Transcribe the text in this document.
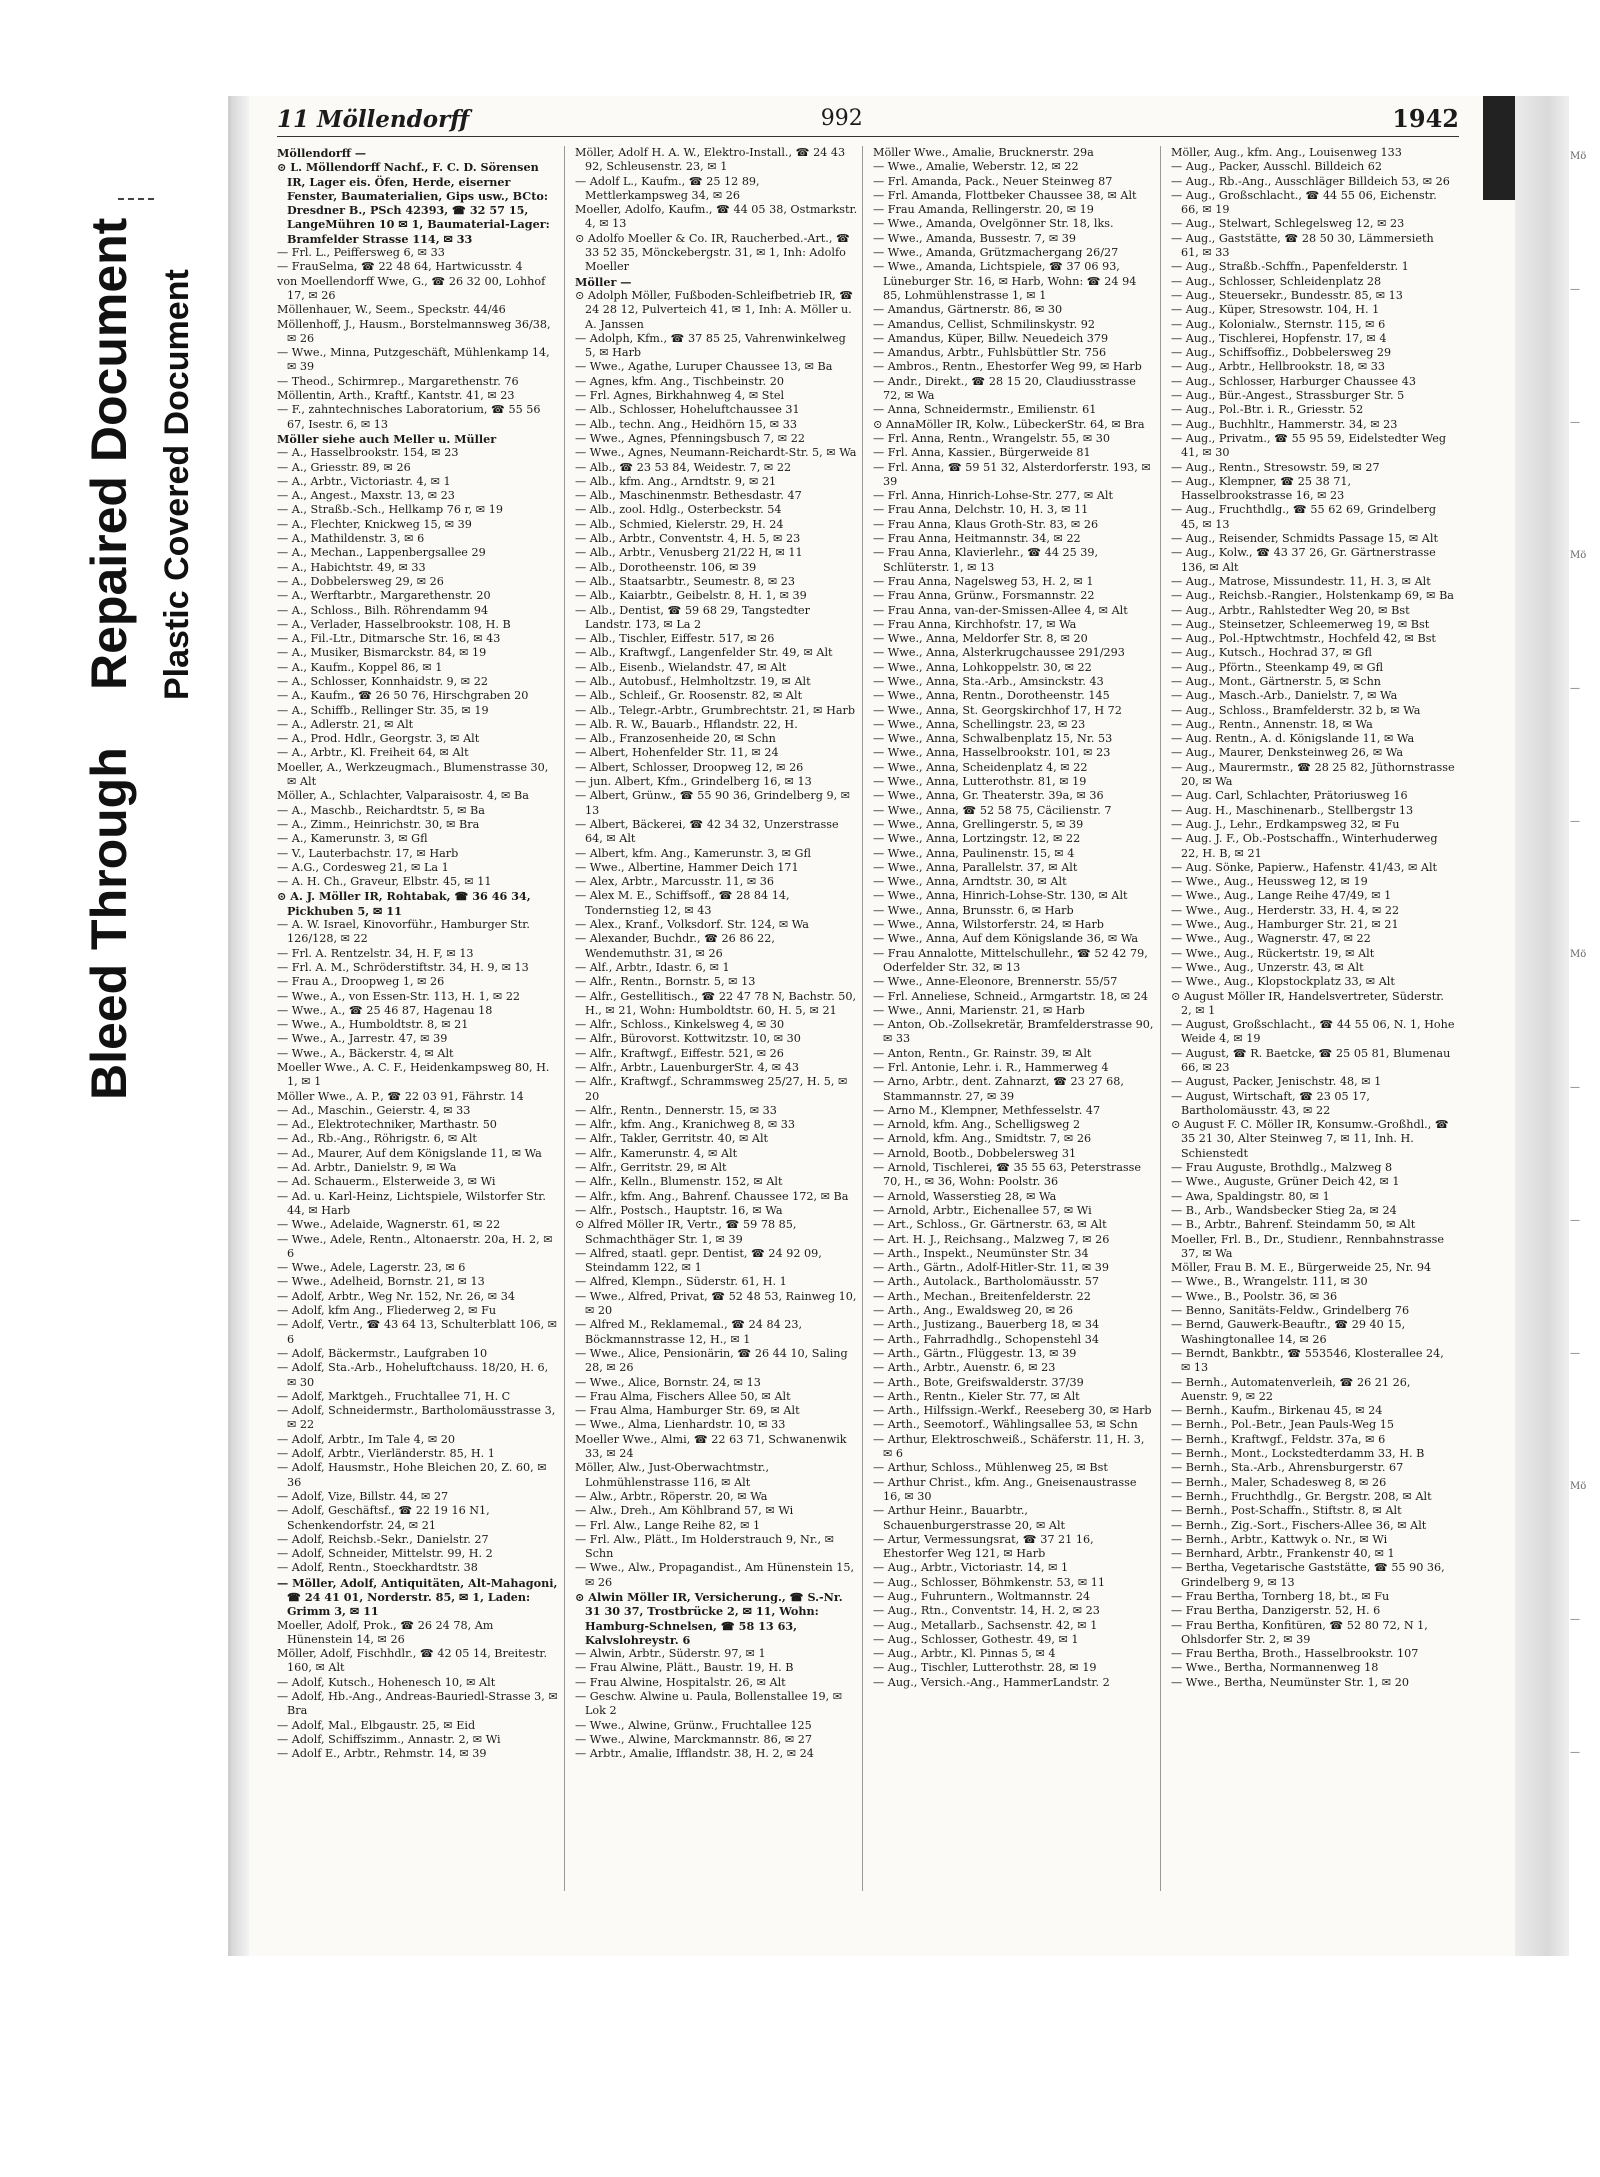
Bleed Through
Repaired Document Plastic Covered Document
11 Möllendorff	992	1942

Möllendorff —

⊙ L. Möllendorff Nachf., F. C. D. Sörensen IR, Lager eis. Öfen, Herde, eiserner Fenster, Baumaterialien, Gips usw., BCto: Dresdner B., PSch 42393, ☎ 32 57 15, LangeMühren 10 ✉ 1, Baumaterial-Lager: Bramfelder Strasse 114, ✉ 33

— Frl. L., Peiffersweg 6, ✉ 33

— FrauSelma, ☎ 22 48 64, Hartwicusstr. 4

von Moellendorff Wwe, G., ☎ 26 32 00, Lohhof 17, ✉ 26

Möllenhauer, W., Seem., Speckstr. 44/46

Möllenhoff, J., Hausm., Borstelmannsweg 36/38, ✉ 26

— Wwe., Minna, Putzgeschäft, Mühlenkamp 14, ✉ 39

— Theod., Schirmrep., Margarethenstr. 76

Möllentin, Arth., Kraftf., Kantstr. 41, ✉ 23

— F., zahntechnisches Laboratorium, ☎ 55 56 67, Isestr. 6, ✉ 13

Möller siehe auch Meller u. Müller

— A., Hasselbrookstr. 154, ✉ 23

— A., Griesstr. 89, ✉ 26

— A., Arbtr., Victoriastr. 4, ✉ 1

— A., Angest., Maxstr. 13, ✉ 23

— A., Straßb.-Sch., Hellkamp 76 r, ✉ 19

— A., Flechter, Knickweg 15, ✉ 39

— A., Mathildenstr. 3, ✉ 6

— A., Mechan., Lappenbergsallee 29

— A., Habichtstr. 49, ✉ 33

— A., Dobbelersweg 29, ✉ 26

— A., Werftarbtr., Margarethenstr. 20

— A., Schloss., Bilh. Röhrendamm 94

— A., Verlader, Hasselbrookstr. 108, H. B

— A., Fil.-Ltr., Ditmarsche Str. 16, ✉ 43

— A., Musiker, Bismarckstr. 84, ✉ 19

— A., Kaufm., Koppel 86, ✉ 1

— A., Schlosser, Konnhaidstr. 9, ✉ 22

— A., Kaufm., ☎ 26 50 76, Hirschgraben 20

— A., Schiffb., Rellinger Str. 35, ✉ 19

— A., Adlerstr. 21, ✉ Alt

— A., Prod. Hdlr., Georgstr. 3, ✉ Alt

— A., Arbtr., Kl. Freiheit 64, ✉ Alt

Moeller, A., Werkzeugmach., Blumenstrasse 30, ✉ Alt

Möller, A., Schlachter, Valparaisostr. 4, ✉ Ba

— A., Maschb., Reichardtstr. 5, ✉ Ba

— A., Zimm., Heinrichstr. 30, ✉ Bra

— A., Kamerunstr. 3, ✉ Gfl

— V., Lauterbachstr. 17, ✉ Harb

— A.G., Cordesweg 21, ✉ La 1

— A. H. Ch., Graveur, Elbstr. 45, ✉ 11

⊙ A. J. Möller IR, Rohtabak, ☎ 36 46 34, Pickhuben 5, ✉ 11

— A. W. Israel, Kinovorführ., Hamburger Str. 126/128, ✉ 22

— Frl. A. Rentzelstr. 34, H. F, ✉ 13

— Frl. A. M., Schröderstiftstr. 34, H. 9, ✉ 13

— Frau A., Droopweg 1, ✉ 26

— Wwe., A., von Essen-Str. 113, H. 1, ✉ 22

— Wwe., A., ☎ 25 46 87, Hagenau 18

— Wwe., A., Humboldtstr. 8, ✉ 21

— Wwe., A., Jarrestr. 47, ✉ 39

— Wwe., A., Bäckerstr. 4, ✉ Alt

Moeller Wwe., A. C. F., Heidenkampsweg 80, H. 1, ✉ 1

Möller Wwe., A. P., ☎ 22 03 91, Fährstr. 14

— Ad., Maschin., Geierstr. 4, ✉ 33

— Ad., Elektrotechniker, Marthastr. 50

— Ad., Rb.-Ang., Röhrigstr. 6, ✉ Alt

— Ad., Maurer, Auf dem Königslande 11, ✉ Wa

— Ad. Arbtr., Danielstr. 9, ✉ Wa

— Ad. Schauerm., Elsterweide 3, ✉ Wi

— Ad. u. Karl-Heinz, Lichtspiele, Wilstorfer Str. 44, ✉ Harb

— Wwe., Adelaide, Wagnerstr. 61, ✉ 22

— Wwe., Adele, Rentn., Altonaerstr. 20a, H. 2, ✉ 6

— Wwe., Adele, Lagerstr. 23, ✉ 6

— Wwe., Adelheid, Bornstr. 21, ✉ 13

— Adolf, Arbtr., Weg Nr. 152, Nr. 26, ✉ 34

— Adolf, kfm Ang., Fliederweg 2, ✉ Fu

— Adolf, Vertr., ☎ 43 64 13, Schulterblatt 106, ✉ 6

— Adolf, Bäckermstr., Laufgraben 10

— Adolf, Sta.-Arb., Hoheluftchauss. 18/20, H. 6, ✉ 30

— Adolf, Marktgeh., Fruchtallee 71, H. C

— Adolf, Schneidermstr., Bartholomäusstrasse 3, ✉ 22

— Adolf, Arbtr., Im Tale 4, ✉ 20

— Adolf, Arbtr., Vierländerstr. 85, H. 1

— Adolf, Hausmstr., Hohe Bleichen 20, Z. 60, ✉ 36

— Adolf, Vize, Billstr. 44, ✉ 27

— Adolf, Geschäftsf., ☎ 22 19 16 N1, Schenkendorfstr. 24, ✉ 21

— Adolf, Reichsb.-Sekr., Danielstr. 27

— Adolf, Schneider, Mittelstr. 99, H. 2

— Adolf, Rentn., Stoeckhardtstr. 38

— Möller, Adolf, Antiquitäten, Alt-Mahagoni, ☎ 24 41 01, Norderstr. 85, ✉ 1, Laden: Grimm 3, ✉ 11

Moeller, Adolf, Prok., ☎ 26 24 78, Am Hünenstein 14, ✉ 26

Möller, Adolf, Fischhdlr., ☎ 42 05 14, Breitestr. 160, ✉ Alt

— Adolf, Kutsch., Hohenesch 10, ✉ Alt

— Adolf, Hb.-Ang., Andreas-Bauriedl-Strasse 3, ✉ Bra

— Adolf, Mal., Elbgaustr. 25, ✉ Eid

— Adolf, Schiffszimm., Annastr. 2, ✉ Wi

— Adolf E., Arbtr., Rehmstr. 14, ✉ 39

Möller, Adolf H. A. W., Elektro-Install., ☎ 24 43 92, Schleusenstr. 23, ✉ 1

— Adolf L., Kaufm., ☎ 25 12 89, Mettlerkampsweg 34, ✉ 26

Moeller, Adolfo, Kaufm., ☎ 44 05 38, Ostmarkstr. 4, ✉ 13

⊙ Adolfo Moeller & Co. IR, Raucherbed.-Art., ☎ 33 52 35, Mönckebergstr. 31, ✉ 1, Inh: Adolfo Moeller

Möller —

⊙ Adolph Möller, Fußboden-Schleifbetrieb IR, ☎ 24 28 12, Pulverteich 41, ✉ 1, Inh: A. Möller u. A. Janssen

— Adolph, Kfm., ☎ 37 85 25, Vahrenwinkelweg 5, ✉ Harb

— Wwe., Agathe, Luruper Chaussee 13, ✉ Ba

— Agnes, kfm. Ang., Tischbeinstr. 20

— Frl. Agnes, Birkhahnweg 4, ✉ Stel

— Alb., Schlosser, Hoheluftchaussee 31

— Alb., techn. Ang., Heidhörn 15, ✉ 33

— Wwe., Agnes, Pfenningsbusch 7, ✉ 22

— Wwe., Agnes, Neumann-Reichardt-Str. 5, ✉ Wa

— Alb., ☎ 23 53 84, Weidestr. 7, ✉ 22

— Alb., kfm. Ang., Arndtstr. 9, ✉ 21

— Alb., Maschinenmstr. Bethesdastr. 47

— Alb., zool. Hdlg., Osterbeckstr. 54

— Alb., Schmied, Kielerstr. 29, H. 24

— Alb., Arbtr., Conventstr. 4, H. 5, ✉ 23

— Alb., Arbtr., Venusberg 21/22 H, ✉ 11

— Alb., Dorotheenstr. 106, ✉ 39

— Alb., Staatsarbtr., Seumestr. 8, ✉ 23

— Alb., Kaiarbtr., Geibelstr. 8, H. 1, ✉ 39

— Alb., Dentist, ☎ 59 68 29, Tangstedter Landstr. 173, ✉ La 2

— Alb., Tischler, Eiffestr. 517, ✉ 26

— Alb., Kraftwgf., Langenfelder Str. 49, ✉ Alt

— Alb., Eisenb., Wielandstr. 47, ✉ Alt

— Alb., Autobusf., Helmholtzstr. 19, ✉ Alt

— Alb., Schleif., Gr. Roosenstr. 82, ✉ Alt

— Alb., Telegr.-Arbtr., Grumbrechtstr. 21, ✉ Harb

— Alb. R. W., Bauarb., Hflandstr. 22, H.

— Alb., Franzosenheide 20, ✉ Schn

— Albert, Hohenfelder Str. 11, ✉ 24

— Albert, Schlosser, Droopweg 12, ✉ 26

— jun. Albert, Kfm., Grindelberg 16, ✉ 13

— Albert, Grünw., ☎ 55 90 36, Grindelberg 9, ✉ 13

— Albert, Bäckerei, ☎ 42 34 32, Unzerstrasse 64, ✉ Alt

— Albert, kfm. Ang., Kamerunstr. 3, ✉ Gfl

— Wwe., Albertine, Hammer Deich 171

— Alex, Arbtr., Marcusstr. 11, ✉ 36

— Alex M. E., Schiffsoff., ☎ 28 84 14, Tondernstieg 12, ✉ 43

— Alex., Kranf., Volksdorf. Str. 124, ✉ Wa

— Alexander, Buchdr., ☎ 26 86 22, Wendemuthstr. 31, ✉ 26

— Alf., Arbtr., Idastr. 6, ✉ 1

— Alfr., Rentn., Bornstr. 5, ✉ 13

— Alfr., Gestellitisch., ☎ 22 47 78 N, Bachstr. 50, H., ✉ 21, Wohn: Humboldtstr. 60, H. 5, ✉ 21

— Alfr., Schloss., Kinkelsweg 4, ✉ 30

— Alfr., Bürovorst. Kottwitzstr. 10, ✉ 30

— Alfr., Kraftwgf., Eiffestr. 521, ✉ 26

— Alfr., Arbtr., LauenburgerStr. 4, ✉ 43

— Alfr., Kraftwgf., Schrammsweg 25/27, H. 5, ✉ 20

— Alfr., Rentn., Dennerstr. 15, ✉ 33

— Alfr., kfm. Ang., Kranichweg 8, ✉ 33

— Alfr., Takler, Gerritstr. 40, ✉ Alt

— Alfr., Kamerunstr. 4, ✉ Alt

— Alfr., Gerritstr. 29, ✉ Alt

— Alfr., Kelln., Blumenstr. 152, ✉ Alt

— Alfr., kfm. Ang., Bahrenf. Chaussee 172, ✉ Ba

— Alfr., Postsch., Hauptstr. 16, ✉ Wa

⊙ Alfred Möller IR, Vertr., ☎ 59 78 85, Schmachthäger Str. 1, ✉ 39

— Alfred, staatl. gepr. Dentist, ☎ 24 92 09, Steindamm 122, ✉ 1

— Alfred, Klempn., Süderstr. 61, H. 1

— Wwe., Alfred, Privat, ☎ 52 48 53, Rainweg 10, ✉ 20

— Alfred M., Reklamemal., ☎ 24 84 23, Böckmannstrasse 12, H., ✉ 1

— Wwe., Alice, Pensionärin, ☎ 26 44 10, Saling 28, ✉ 26

— Wwe., Alice, Bornstr. 24, ✉ 13

— Frau Alma, Fischers Allee 50, ✉ Alt

— Frau Alma, Hamburger Str. 69, ✉ Alt

— Wwe., Alma, Lienhardstr. 10, ✉ 33

Moeller Wwe., Almi, ☎ 22 63 71, Schwanenwik 33, ✉ 24

Möller, Alw., Just-Oberwachtmstr., Lohmühlenstrasse 116, ✉ Alt

— Alw., Arbtr., Röperstr. 20, ✉ Wa

— Alw., Dreh., Am Köhlbrand 57, ✉ Wi

— Frl. Alw., Lange Reihe 82, ✉ 1

— Frl. Alw., Plätt., Im Holderstrauch 9, Nr., ✉ Schn

— Wwe., Alw., Propagandist., Am Hünenstein 15, ✉ 26

⊙ Alwin Möller IR, Versicherung., ☎ S.-Nr. 31 30 37, Trostbrücke 2, ✉ 11, Wohn: Hamburg-Schnelsen, ☎ 58 13 63, Kalvslohreystr. 6

— Alwin, Arbtr., Süderstr. 97, ✉ 1

— Frau Alwine, Plätt., Baustr. 19, H. B

— Frau Alwine, Hospitalstr. 26, ✉ Alt

— Geschw. Alwine u. Paula, Bollenstallee 19, ✉ Lok 2

— Wwe., Alwine, Grünw., Fruchtallee 125

— Wwe., Alwine, Marckmannstr. 86, ✉ 27

— Arbtr., Amalie, Ifflandstr. 38, H. 2, ✉ 24

Möller Wwe., Amalie, Brucknerstr. 29a

— Wwe., Amalie, Weberstr. 12, ✉ 22

— Frl. Amanda, Pack., Neuer Steinweg 87

— Frl. Amanda, Flottbeker Chaussee 38, ✉ Alt

— Frau Amanda, Rellingerstr. 20, ✉ 19

— Wwe., Amanda, Ovelgönner Str. 18, lks.

— Wwe., Amanda, Bussestr. 7, ✉ 39

— Wwe., Amanda, Grützmachergang 26/27

— Wwe., Amanda, Lichtspiele, ☎ 37 06 93, Lüneburger Str. 16, ✉ Harb, Wohn: ☎ 24 94 85, Lohmühlenstrasse 1, ✉ 1

— Amandus, Gärtnerstr. 86, ✉ 30

— Amandus, Cellist, Schmilinskystr. 92

— Amandus, Küper, Billw. Neuedeich 379

— Amandus, Arbtr., Fuhlsbüttler Str. 756

— Ambros., Rentn., Ehestorfer Weg 99, ✉ Harb

— Andr., Direkt., ☎ 28 15 20, Claudiusstrasse 72, ✉ Wa

— Anna, Schneidermstr., Emilienstr. 61

⊙ AnnaMöller IR, Kolw., LübeckerStr. 64, ✉ Bra

— Frl. Anna, Rentn., Wrangelstr. 55, ✉ 30

— Frl. Anna, Kassier., Bürgerweide 81

— Frl. Anna, ☎ 59 51 32, Alsterdorferstr. 193, ✉ 39

— Frl. Anna, Hinrich-Lohse-Str. 277, ✉ Alt

— Frau Anna, Delchstr. 10, H. 3, ✉ 11

— Frau Anna, Klaus Groth-Str. 83, ✉ 26

— Frau Anna, Heitmannstr. 34, ✉ 22

— Frau Anna, Klavierlehr., ☎ 44 25 39, Schlüterstr. 1, ✉ 13

— Frau Anna, Nagelsweg 53, H. 2, ✉ 1

— Frau Anna, Grünw., Forsmannstr. 22

— Frau Anna, van-der-Smissen-Allee 4, ✉ Alt

— Frau Anna, Kirchhofstr. 17, ✉ Wa

— Wwe., Anna, Meldorfer Str. 8, ✉ 20

— Wwe., Anna, Alsterkrugchaussee 291/293

— Wwe., Anna, Lohkoppelstr. 30, ✉ 22

— Wwe., Anna, Sta.-Arb., Amsinckstr. 43

— Wwe., Anna, Rentn., Dorotheenstr. 145

— Wwe., Anna, St. Georgskirchhof 17, H 72

— Wwe., Anna, Schellingstr. 23, ✉ 23

— Wwe., Anna, Schwalbenplatz 15, Nr. 53

— Wwe., Anna, Hasselbrookstr. 101, ✉ 23

— Wwe., Anna, Scheidenplatz 4, ✉ 22

— Wwe., Anna, Lutterothstr. 81, ✉ 19

— Wwe., Anna, Gr. Theaterstr. 39a, ✉ 36

— Wwe., Anna, ☎ 52 58 75, Cäcilienstr. 7

— Wwe., Anna, Grellingerstr. 5, ✉ 39

— Wwe., Anna, Lortzingstr. 12, ✉ 22

— Wwe., Anna, Paulinenstr. 15, ✉ 4

— Wwe., Anna, Parallelstr. 37, ✉ Alt

— Wwe., Anna, Arndtstr. 30, ✉ Alt

— Wwe., Anna, Hinrich-Lohse-Str. 130, ✉ Alt

— Wwe., Anna, Brunsstr. 6, ✉ Harb

— Wwe., Anna, Wilstorferstr. 24, ✉ Harb

— Wwe., Anna, Auf dem Königslande 36, ✉ Wa

— Frau Annalotte, Mittelschullehr., ☎ 52 42 79, Oderfelder Str. 32, ✉ 13

— Wwe., Anne-Eleonore, Brennerstr. 55/57

— Frl. Anneliese, Schneid., Armgartstr. 18, ✉ 24

— Wwe., Anni, Marienstr. 21, ✉ Harb

— Anton, Ob.-Zollsekretär, Bramfelderstrasse 90, ✉ 33

— Anton, Rentn., Gr. Rainstr. 39, ✉ Alt

— Frl. Antonie, Lehr. i. R., Hammerweg 4

— Arno, Arbtr., dent. Zahnarzt, ☎ 23 27 68, Stammannstr. 27, ✉ 39

— Arno M., Klempner, Methfesselstr. 47

— Arnold, kfm. Ang., Schelligsweg 2

— Arnold, kfm. Ang., Smidtstr. 7, ✉ 26

— Arnold, Bootb., Dobbelersweg 31

— Arnold, Tischlerei, ☎ 35 55 63, Peterstrasse 70, H., ✉ 36, Wohn: Poolstr. 36

— Arnold, Wasserstieg 28, ✉ Wa

— Arnold, Arbtr., Eichenallee 57, ✉ Wi

— Art., Schloss., Gr. Gärtnerstr. 63, ✉ Alt

— Art. H. J., Reichsang., Malzweg 7, ✉ 26

— Arth., Inspekt., Neumünster Str. 34

— Arth., Gärtn., Adolf-Hitler-Str. 11, ✉ 39

— Arth., Autolack., Bartholomäusstr. 57

— Arth., Mechan., Breitenfelderstr. 22

— Arth., Ang., Ewaldsweg 20, ✉ 26

— Arth., Justizang., Bauerberg 18, ✉ 34

— Arth., Fahrradhdlg., Schopenstehl 34

— Arth., Gärtn., Flüggestr. 13, ✉ 39

— Arth., Arbtr., Auenstr. 6, ✉ 23

— Arth., Bote, Greifswalderstr. 37/39

— Arth., Rentn., Kieler Str. 77, ✉ Alt

— Arth., Hilfssign.-Werkf., Reeseberg 30, ✉ Harb

— Arth., Seemotorf., Wählingsallee 53, ✉ Schn

— Arthur, Elektroschweiß., Schäferstr. 11, H. 3, ✉ 6

— Arthur, Schloss., Mühlenweg 25, ✉ Bst

— Arthur Christ., kfm. Ang., Gneisenaustrasse 16, ✉ 30

— Arthur Heinr., Bauarbtr., Schauenburgerstrasse 20, ✉ Alt

— Artur, Vermessungsrat, ☎ 37 21 16, Ehestorfer Weg 121, ✉ Harb

— Aug., Arbtr., Victoriastr. 14, ✉ 1

— Aug., Schlosser, Böhmkenstr. 53, ✉ 11

— Aug., Fuhruntern., Woltmannstr. 24

— Aug., Rtn., Conventstr. 14, H. 2, ✉ 23

— Aug., Metallarb., Sachsenstr. 42, ✉ 1

— Aug., Schlosser, Gothestr. 49, ✉ 1

— Aug., Arbtr., Kl. Pinnas 5, ✉ 4

— Aug., Tischler, Lutterothstr. 28, ✉ 19

— Aug., Versich.-Ang., HammerLandstr. 2

Möller, Aug., kfm. Ang., Louisenweg 133

— Aug., Packer, Ausschl. Billdeich 62

— Aug., Rb.-Ang., Ausschläger Billdeich 53, ✉ 26

— Aug., Großschlacht., ☎ 44 55 06, Eichenstr. 66, ✉ 19

— Aug., Stelwart, Schlegelsweg 12, ✉ 23

— Aug., Gaststätte, ☎ 28 50 30, Lämmersieth 61, ✉ 33

— Aug., Straßb.-Schffn., Papenfelderstr. 1

— Aug., Schlosser, Schleidenplatz 28

— Aug., Steuersekr., Bundesstr. 85, ✉ 13

— Aug., Küper, Stresowstr. 104, H. 1

— Aug., Kolonialw., Sternstr. 115, ✉ 6

— Aug., Tischlerei, Hopfenstr. 17, ✉ 4

— Aug., Schiffsoffiz., Dobbelersweg 29

— Aug., Arbtr., Hellbrookstr. 18, ✉ 33

— Aug., Schlosser, Harburger Chaussee 43

— Aug., Bür.-Angest., Strassburger Str. 5

— Aug., Pol.-Btr. i. R., Griesstr. 52

— Aug., Buchhltr., Hammerstr. 34, ✉ 23

— Aug., Privatm., ☎ 55 95 59, Eidelstedter Weg 41, ✉ 30

— Aug., Rentn., Stresowstr. 59, ✉ 27

— Aug., Klempner, ☎ 25 38 71, Hasselbrookstrasse 16, ✉ 23

— Aug., Fruchthdlg., ☎ 55 62 69, Grindelberg 45, ✉ 13

— Aug., Reisender, Schmidts Passage 15, ✉ Alt

— Aug., Kolw., ☎ 43 37 26, Gr. Gärtnerstrasse 136, ✉ Alt

— Aug., Matrose, Missundestr. 11, H. 3, ✉ Alt

— Aug., Reichsb.-Rangier., Holstenkamp 69, ✉ Ba

— Aug., Arbtr., Rahlstedter Weg 20, ✉ Bst

— Aug., Steinsetzer, Schleemerweg 19, ✉ Bst

— Aug., Pol.-Hptwchtmstr., Hochfeld 42, ✉ Bst

— Aug., Kutsch., Hochrad 37, ✉ Gfl

— Aug., Pförtn., Steenkamp 49, ✉ Gfl

— Aug., Mont., Gärtnerstr. 5, ✉ Schn

— Aug., Masch.-Arb., Danielstr. 7, ✉ Wa

— Aug., Schloss., Bramfelderstr. 32 b, ✉ Wa

— Aug., Rentn., Annenstr. 18, ✉ Wa

— Aug. Rentn., A. d. Königslande 11, ✉ Wa

— Aug., Maurer, Denksteinweg 26, ✉ Wa

— Aug., Maurermstr., ☎ 28 25 82, Jüthornstrasse 20, ✉ Wa

— Aug. Carl, Schlachter, Prätoriusweg 16

— Aug. H., Maschinenarb., Stellbergstr 13

— Aug. J., Lehr., Erdkampsweg 32, ✉ Fu

— Aug. J. F., Ob.-Postschaffn., Winterhuderweg 22, H. B, ✉ 21

— Aug. Sönke, Papierw., Hafenstr. 41/43, ✉ Alt

— Wwe., Aug., Heussweg 12, ✉ 19

— Wwe., Aug., Lange Reihe 47/49, ✉ 1

— Wwe., Aug., Herderstr. 33, H. 4, ✉ 22

— Wwe., Aug., Hamburger Str. 21, ✉ 21

— Wwe., Aug., Wagnerstr. 47, ✉ 22

— Wwe., Aug., Rückertstr. 19, ✉ Alt

— Wwe., Aug., Unzerstr. 43, ✉ Alt

— Wwe., Aug., Klopstockplatz 33, ✉ Alt

⊙ August Möller IR, Handelsvertreter, Süderstr. 2, ✉ 1

— August, Großschlacht., ☎ 44 55 06, N. 1, Hohe Weide 4, ✉ 19

— August, ☎ R. Baetcke, ☎ 25 05 81, Blumenau 66, ✉ 23

— August, Packer, Jenischstr. 48, ✉ 1

— August, Wirtschaft, ☎ 23 05 17, Bartholomäusstr. 43, ✉ 22

⊙ August F. C. Möller IR, Konsumw.-Großhdl., ☎ 35 21 30, Alter Steinweg 7, ✉ 11, Inh. H. Schienstedt

— Frau Auguste, Brothdlg., Malzweg 8

— Wwe., Auguste, Grüner Deich 42, ✉ 1

— Awa, Spaldingstr. 80, ✉ 1

— B., Arb., Wandsbecker Stieg 2a, ✉ 24

— B., Arbtr., Bahrenf. Steindamm 50, ✉ Alt

Moeller, Frl. B., Dr., Studienr., Rennbahnstrasse 37, ✉ Wa

Möller, Frau B. M. E., Bürgerweide 25, Nr. 94

— Wwe., B., Wrangelstr. 111, ✉ 30

— Wwe., B., Poolstr. 36, ✉ 36

— Benno, Sanitäts-Feldw., Grindelberg 76

— Bernd, Gauwerk-Beauftr., ☎ 29 40 15, Washingtonallee 14, ✉ 26

— Berndt, Bankbtr., ☎ 553546, Klosterallee 24, ✉ 13

— Bernh., Automatenverleih, ☎ 26 21 26, Auenstr. 9, ✉ 22

— Bernh., Kaufm., Birkenau 45, ✉ 24

— Bernh., Pol.-Betr., Jean Pauls-Weg 15

— Bernh., Kraftwgf., Feldstr. 37a, ✉ 6

— Bernh., Mont., Lockstedterdamm 33, H. B

— Bernh., Sta.-Arb., Ahrensburgerstr. 67

— Bernh., Maler, Schadesweg 8, ✉ 26

— Bernh., Fruchthdlg., Gr. Bergstr. 208, ✉ Alt

— Bernh., Post-Schaffn., Stiftstr. 8, ✉ Alt

— Bernh., Zig.-Sort., Fischers-Allee 36, ✉ Alt

— Bernh., Arbtr., Kattwyk o. Nr., ✉ Wi

— Bernhard, Arbtr., Frankenstr 40, ✉ 1

— Bertha, Vegetarische Gaststätte, ☎ 55 90 36, Grindelberg 9, ✉ 13

— Frau Bertha, Tornberg 18, bt., ✉ Fu

— Frau Bertha, Danzigerstr. 52, H. 6

— Frau Bertha, Konfitüren, ☎ 52 80 72, N 1, Ohlsdorfer Str. 2, ✉ 39

— Frau Bertha, Broth., Hasselbrookstr. 107

— Wwe., Bertha, Normannenweg 18

— Wwe., Bertha, Neumünster Str. 1, ✉ 20

Mö
—
—
Mö
—
—
Mö
—
—
—
Mö
—
—
